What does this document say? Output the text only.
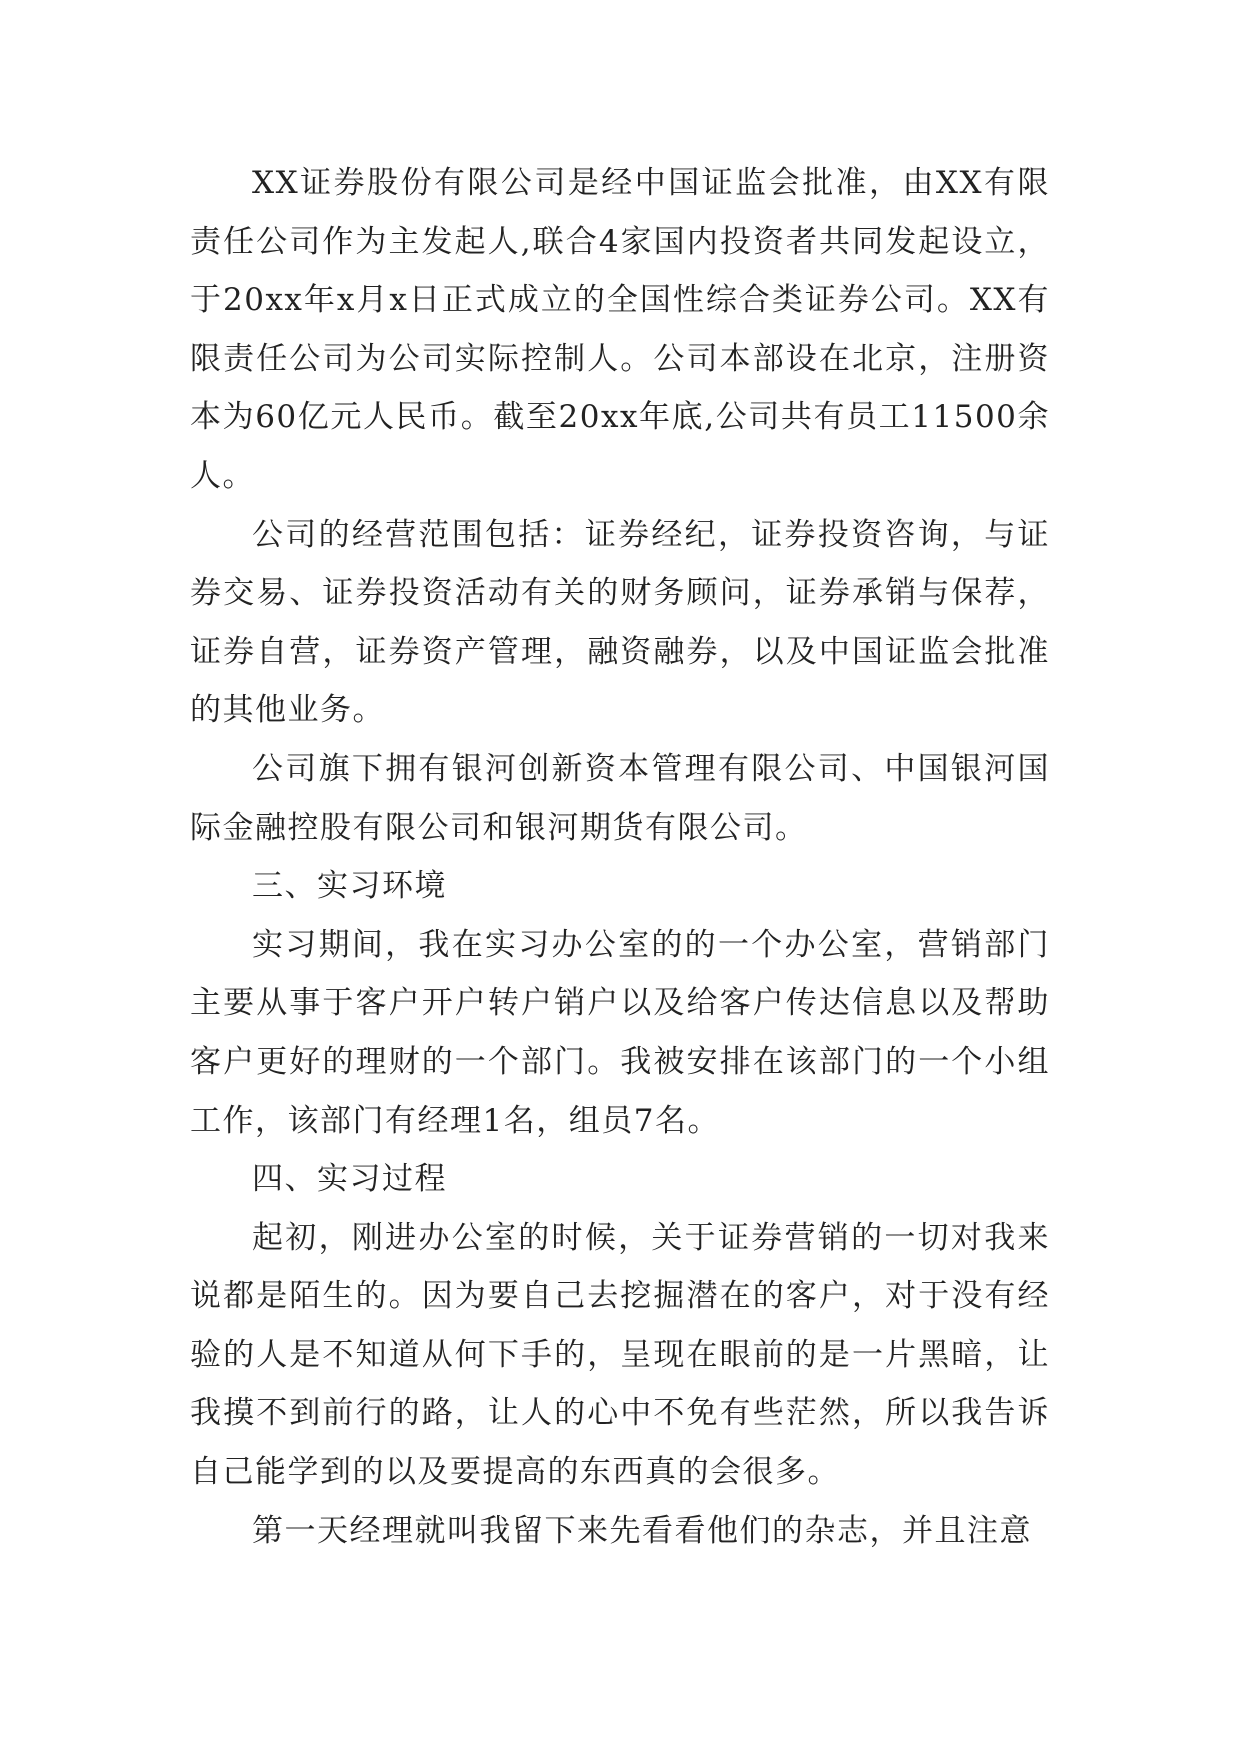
XX证券股份有限公司是经中国证监会批准，由XX有限责任公司作为主发起人,联合4家国内投资者共同发起设立，于20xx年x月x日正式成立的全国性综合类证券公司。XX有限责任公司为公司实际控制人。公司本部设在北京，注册资本为60亿元人民币。截至20xx年底,公司共有员工11500余人。

公司的经营范围包括：证券经纪，证券投资咨询，与证券交易、证券投资活动有关的财务顾问，证券承销与保荐，证券自营，证券资产管理，融资融券，以及中国证监会批准的其他业务。

公司旗下拥有银河创新资本管理有限公司、中国银河国际金融控股有限公司和银河期货有限公司。

三、实习环境

实习期间，我在实习办公室的的一个办公室，营销部门主要从事于客户开户转户销户以及给客户传达信息以及帮助客户更好的理财的一个部门。我被安排在该部门的一个小组工作，该部门有经理1名，组员7名。

四、实习过程

起初，刚进办公室的时候，关于证券营销的一切对我来说都是陌生的。因为要自己去挖掘潜在的客户，对于没有经验的人是不知道从何下手的，呈现在眼前的是一片黑暗，让我摸不到前行的路，让人的心中不免有些茫然，所以我告诉自己能学到的以及要提高的东西真的会很多。

第一天经理就叫我留下来先看看他们的杂志，并且注意
